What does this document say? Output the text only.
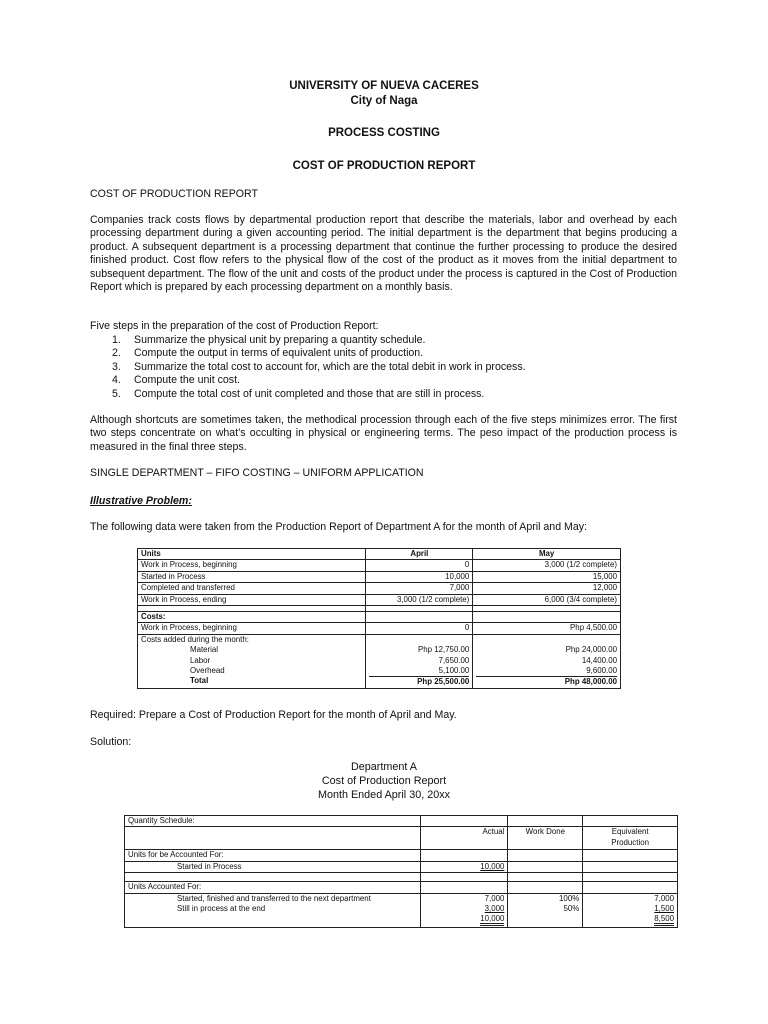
UNIVERSITY OF NUEVA CACERES
City of Naga
PROCESS COSTING
COST OF PRODUCTION REPORT
COST OF PRODUCTION REPORT
Companies track costs flows by departmental production report that describe the materials, labor and overhead by each processing department during a given accounting period. The initial department is the department that begins producing a product. A subsequent department is a processing department that continue the further processing to produce the desired finished product. Cost flow refers to the physical flow of the cost of the product as it moves from the initial department to subsequent department. The flow of the unit and costs of the product under the process is captured in the Cost of Production Report which is prepared by each processing department on a monthly basis.
Five steps in the preparation of the cost of Production Report:
1. Summarize the physical unit by preparing a quantity schedule.
2. Compute the output in terms of equivalent units of production.
3. Summarize the total cost to account for, which are the total debit in work in process.
4. Compute the unit cost.
5. Compute the total cost of unit completed and those that are still in process.
Although shortcuts are sometimes taken, the methodical procession through each of the five steps minimizes error. The first two steps concentrate on what’s occulting in physical or engineering terms. The peso impact of the production process is measured in the final three steps.
SINGLE DEPARTMENT – FIFO COSTING – UNIFORM APPLICATION
Illustrative Problem:
The following data were taken from the Production Report of Department A for the month of April and May:
Units	April	May
Work in Process, beginning	0	3,000 (1/2 complete)
Started in Process	10,000	15,000
Completed and transferred	7,000	12,000
Work in Process, ending	3,000 (1/2 complete)	6,000 (3/4 complete)

Costs:		
Work in Process, beginning	0	Php 4,500.00
Costs added during the month:		
Material	Php 12,750.00	Php 24,000.00
Labor	7,650.00	14,400.00
Overhead	5,100.00	9,600.00
Total	Php 25,500.00	Php 48,000.00
Required: Prepare a Cost of Production Report for the month of April and May.
Solution:
Department A
Cost of Production Report
Month Ended April 30, 20xx
Quantity Schedule:			
	Actual	Work Done	Equivalent
Production

Units for be Accounted For:			
Started in Process	10,000		

Units Accounted For:			
Started, finished and transferred to the next department	7,000	100%	7,000
Still in process at the end	3,000	50%	1,500
	10,000		8,500
